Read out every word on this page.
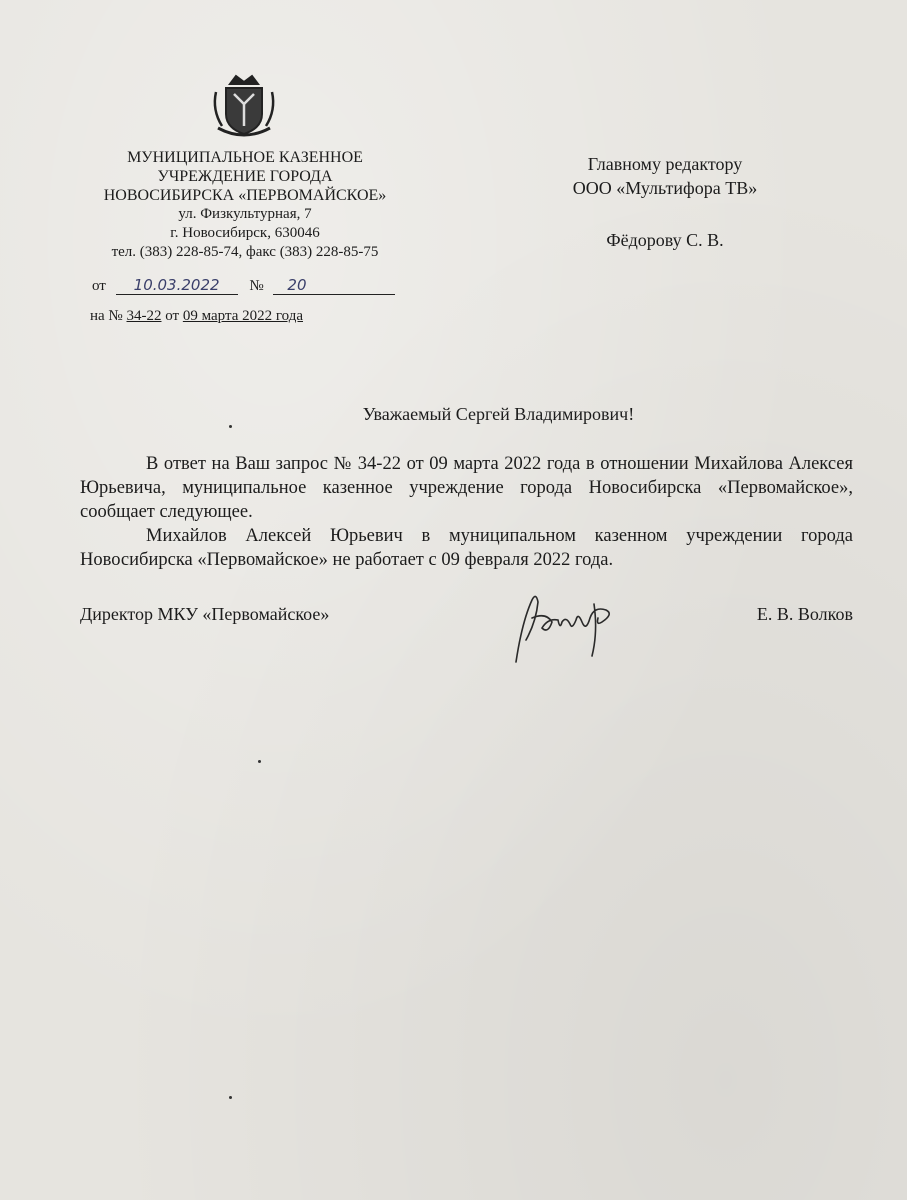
МУНИЦИПАЛЬНОЕ КАЗЕННОЕ
УЧРЕЖДЕНИЕ ГОРОДА
НОВОСИБИРСКА «ПЕРВОМАЙСКОЕ»
ул. Физкультурная, 7
г. Новосибирск, 630046
тел. (383) 228-85-74, факс (383) 228-85-75
от 10.03.2022 № 20
на № 34-22 от 09 марта 2022 года
Главному редактору
ООО «Мультифора ТВ»
Фёдорову С. В.
Уважаемый Сергей Владимирович!

В ответ на Ваш запрос № 34-22 от 09 марта 2022 года в отношении Михайлова Алексея Юрьевича, муниципальное казенное учреждение города Новосибирска «Первомайское», сообщает следующее.

Михайлов Алексей Юрьевич в муниципальном казенном учреждении города Новосибирска «Первомайское» не работает с 09 февраля 2022 года.

Директор МКУ «Первомайское»	Е. В. Волков
